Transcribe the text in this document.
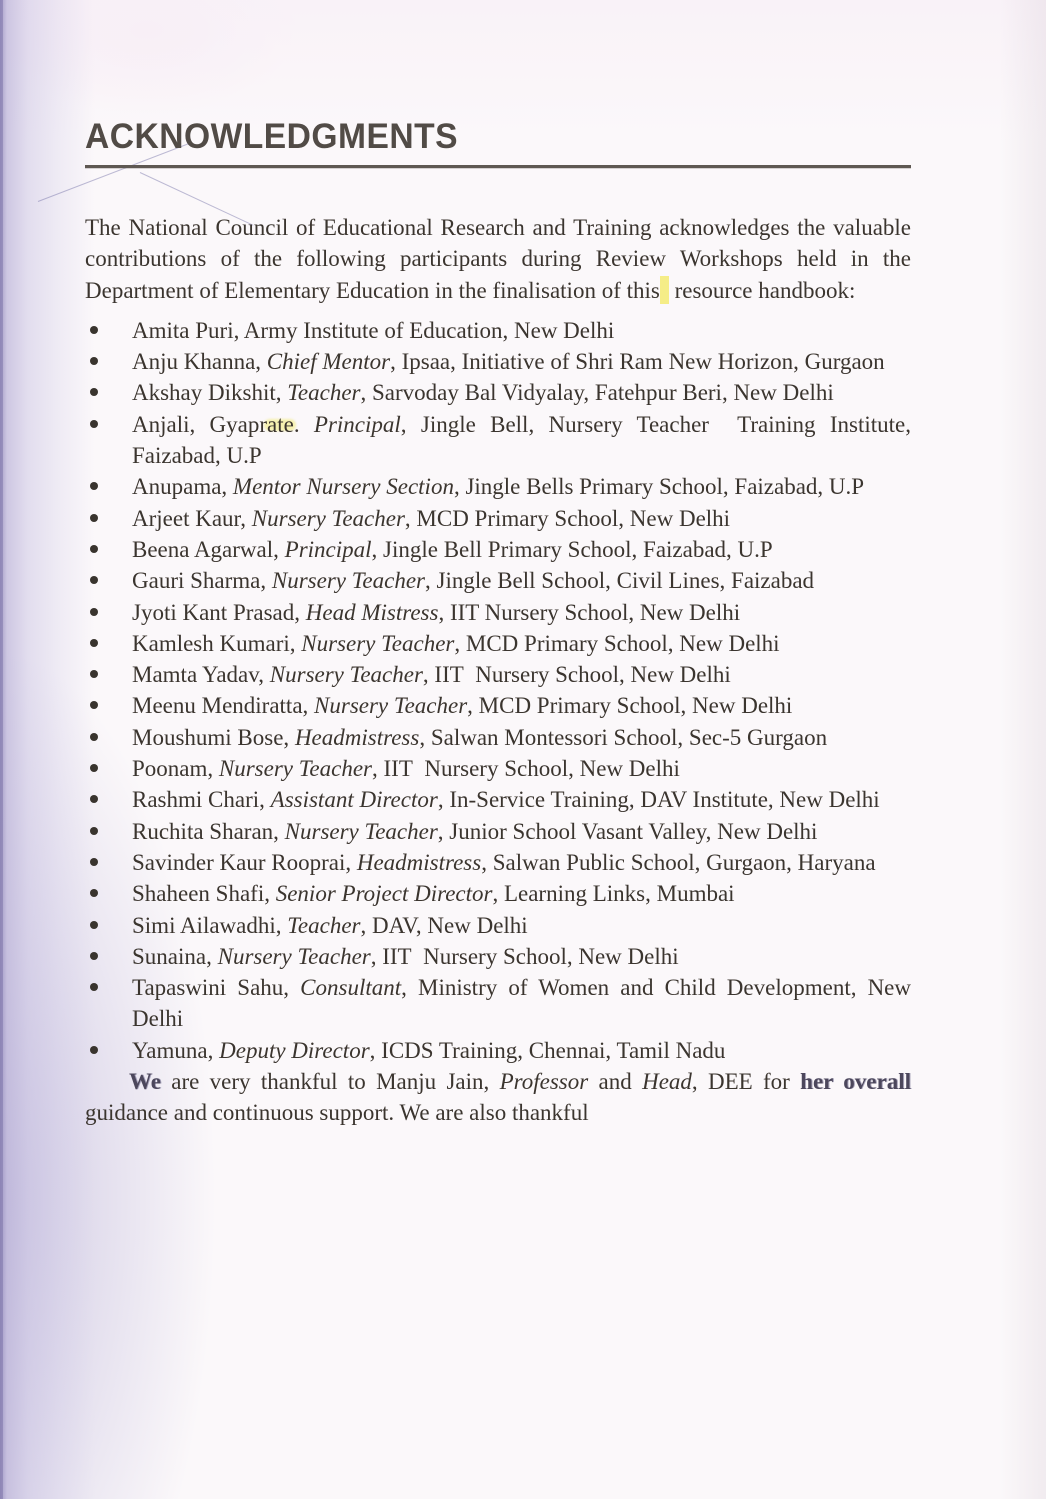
ACKNOWLEDGMENTS

The National Council of Educational Research and Training acknowledges the valuable contributions of the following participants during Review Workshops held in the Department of Elementary Education in the finalisation of this resource handbook:

Amita Puri, Army Institute of Education, New Delhi
Anju Khanna, Chief Mentor, Ipsaa, Initiative of Shri Ram New Horizon, Gurgaon
Akshay Dikshit, Teacher, Sarvoday Bal Vidyalay, Fatehpur Beri, New Delhi
Anjali, Gyaprate. Principal, Jingle Bell, Nursery Teacher  Training Institute, Faizabad, U.P
Anupama, Mentor Nursery Section, Jingle Bells Primary School, Faizabad, U.P
Arjeet Kaur, Nursery Teacher, MCD Primary School, New Delhi
Beena Agarwal, Principal, Jingle Bell Primary School, Faizabad, U.P
Gauri Sharma, Nursery Teacher, Jingle Bell School, Civil Lines, Faizabad
Jyoti Kant Prasad, Head Mistress, IIT Nursery School, New Delhi
Kamlesh Kumari, Nursery Teacher, MCD Primary School, New Delhi
Mamta Yadav, Nursery Teacher, IIT  Nursery School, New Delhi
Meenu Mendiratta, Nursery Teacher, MCD Primary School, New Delhi
Moushumi Bose, Headmistress, Salwan Montessori School, Sec-5 Gurgaon
Poonam, Nursery Teacher, IIT  Nursery School, New Delhi
Rashmi Chari, Assistant Director, In-Service Training, DAV Institute, New Delhi
Ruchita Sharan, Nursery Teacher, Junior School Vasant Valley, New Delhi
Savinder Kaur Rooprai, Headmistress, Salwan Public School, Gurgaon, Haryana
Shaheen Shafi, Senior Project Director, Learning Links, Mumbai
Simi Ailawadhi, Teacher, DAV, New Delhi
Sunaina, Nursery Teacher, IIT  Nursery School, New Delhi
Tapaswini Sahu, Consultant, Ministry of Women and Child Development, New Delhi
Yamuna, Deputy Director, ICDS Training, Chennai, Tamil Nadu

We are very thankful to Manju Jain, Professor and Head, DEE for her overall guidance and continuous support. We are also thankful
